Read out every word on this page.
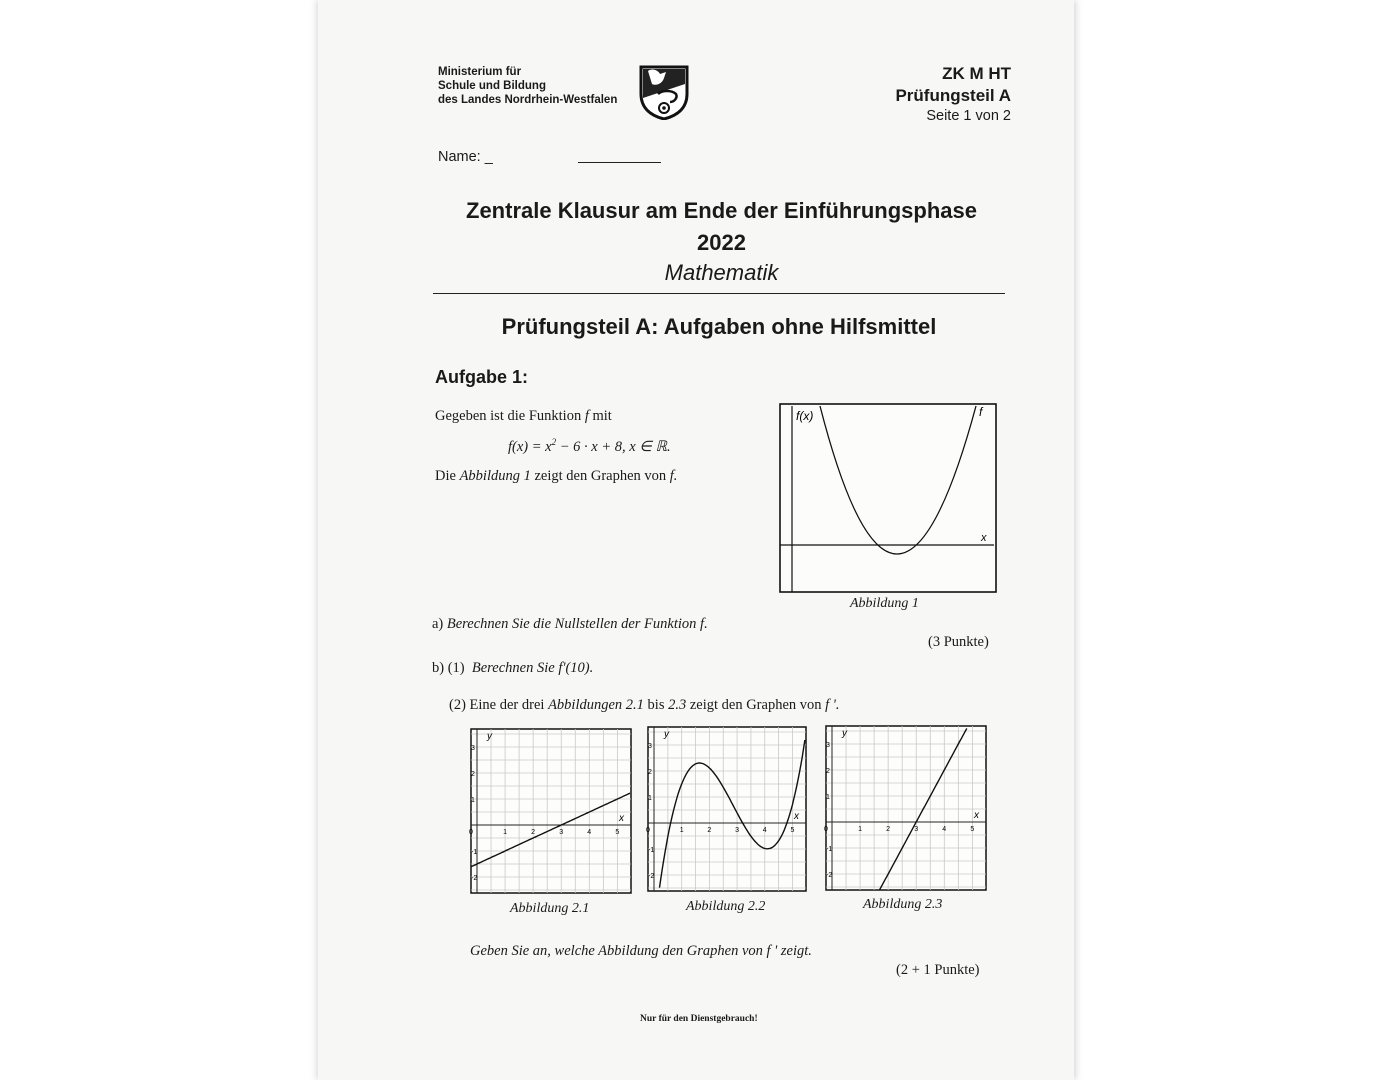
Ministerium für
Schule und Bildung
des Landes Nordrhein-Westfalen
ZK M HT
Prüfungsteil A
Seite 1 von 2
Name: _
Zentrale Klausur am Ende der Einführungsphase
2022
Mathematik
Prüfungsteil A: Aufgaben ohne Hilfsmittel
Aufgabe 1:
Gegeben ist die Funktion f mit
$f(x) = x^2 - 6 \cdot x + 8$, x ∈ ℝ.
Die Abbildung 1 zeigt den Graphen von f.
f(x)	f
x
Abbildung 1
a) Berechnen Sie die Nullstellen der Funktion f.
(3 Punkte)
b) (1) Berechnen Sie f'(10).
(2) Eine der drei Abbildungen 2.1 bis 2.3 zeigt den Graphen von f '.
0	1	2	3	4	5
3
2
1
-1
-2
y
x
0	1	2	3	4	5
3
2
1
-1
-2
y
x
0	1	2	3	4	5
3
2
1
-1
-2
y
x
Abbildung 2.1	Abbildung 2.2	Abbildung 2.3
Geben Sie an, welche Abbildung den Graphen von f ' zeigt.
(2 + 1 Punkte)
Nur für den Dienstgebrauch!
